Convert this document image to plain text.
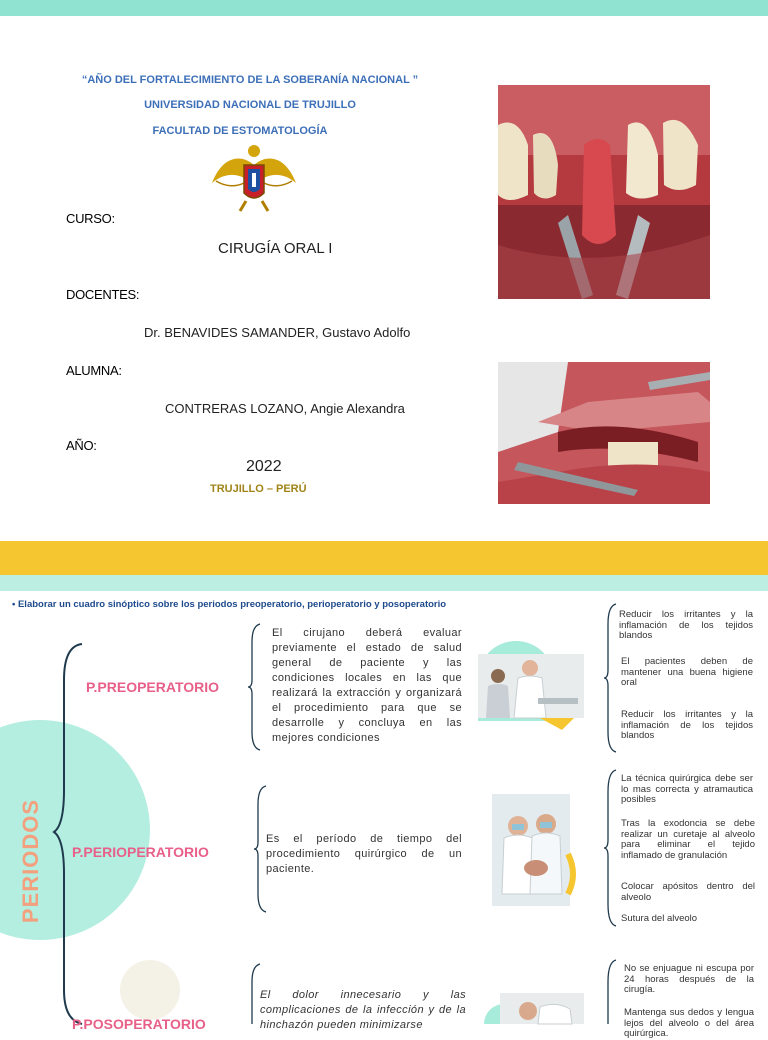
“AÑO DEL FORTALECIMIENTO DE LA SOBERANÍA NACIONAL ”
UNIVERSIDAD NACIONAL DE TRUJILLO
FACULTAD DE ESTOMATOLOGÍA
CURSO:
CIRUGÍA ORAL I
DOCENTES:
Dr. BENAVIDES SAMANDER, Gustavo Adolfo
ALUMNA:
CONTRERAS LOZANO, Angie Alexandra
AÑO:
2022
TRUJILLO – PERÚ
• Elaborar un cuadro sinóptico sobre los periodos preoperatorio, perioperatorio y posoperatorio
PERIODOS
P.PREOPERATORIO
El cirujano deberá evaluar previamente el estado de salud general de paciente y las condiciones locales en las que realizará la extracción y organizará el procedimiento para que se desarrolle y concluya en las mejores condiciones
Reducir los irritantes y la inflamación de los tejidos blandos
El pacientes deben de mantener una buena higiene oral
Reducir los irritantes y la inflamación de los tejidos blandos
P.PERIOPERATORIO
Es el período de tiempo del procedimiento quirúrgico de un paciente.
La técnica quirúrgica debe ser lo mas correcta y atramautica posibles
Tras la exodoncia se debe realizar un curetaje al alveolo para eliminar el tejido inflamado de granulación
Colocar apósitos dentro del alveolo
Sutura del alveolo
P.POSOPERATORIO
El dolor innecesario y las complicaciones de la infección y de la hinchazón pueden minimizarse
No se enjuague ni escupa por 24 horas después de la cirugía.
Mantenga sus dedos y lengua lejos del alveolo o del área quirúrgica.
